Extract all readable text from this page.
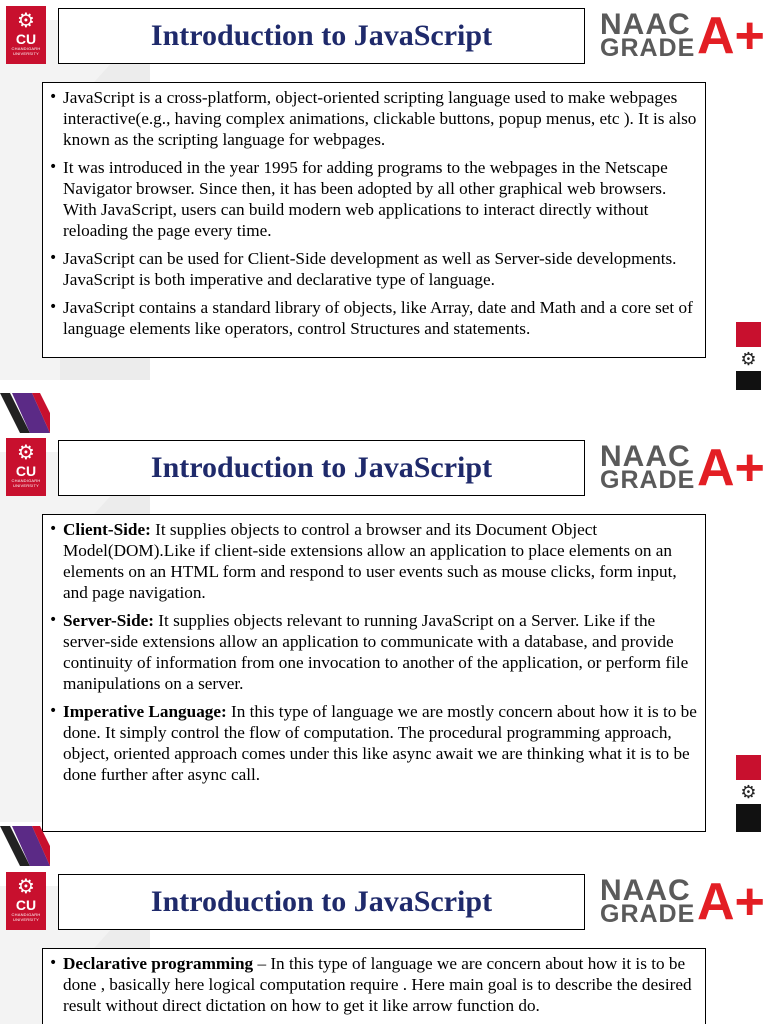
⚙
CU
CHANDIGARH UNIVERSITY
Introduction to JavaScript	NAAC
GRADE A+
• JavaScript is a cross-platform, object-oriented scripting language used to make webpages interactive(e.g., having complex animations, clickable buttons, popup menus, etc ). It is also known as the scripting language for webpages.
• It was introduced in the year 1995 for adding programs to the webpages in the Netscape Navigator browser. Since then, it has been adopted by all other graphical web browsers. With JavaScript, users can build modern web applications to interact directly without reloading the page every time.
• JavaScript can be used for Client-Side development as well as Server-side developments. JavaScript is both imperative and declarative type of language.
• JavaScript contains a standard library of objects, like Array, date and Math and a core set of language elements like operators, control Structures and statements.
⚙
⚙
CU
CHANDIGARH UNIVERSITY
Introduction to JavaScript	NAAC
GRADE A+
• Client-Side: It supplies objects to control a browser and its Document Object Model(DOM).Like if client-side extensions allow an application to place elements on an elements on an HTML form and respond to user events such as mouse clicks, form input, and page navigation.
• Server-Side: It supplies objects relevant to running JavaScript on a Server. Like if the server-side extensions allow an application to communicate with a database, and provide continuity of information from one invocation to another of the application, or perform file manipulations on a server.
• Imperative Language: In this type of language we are mostly concern about how it is to be done. It simply control the flow of computation. The procedural programming approach, object, oriented approach comes under this like async await we are thinking what it is to be done further after async call.
⚙
⚙
CU
CHANDIGARH UNIVERSITY
Introduction to JavaScript	NAAC
GRADE A+
• Declarative programming – In this type of language we are concern about how it is to be done , basically here logical computation require . Here main goal is to describe the desired result without direct dictation on how to get it like arrow function do.
